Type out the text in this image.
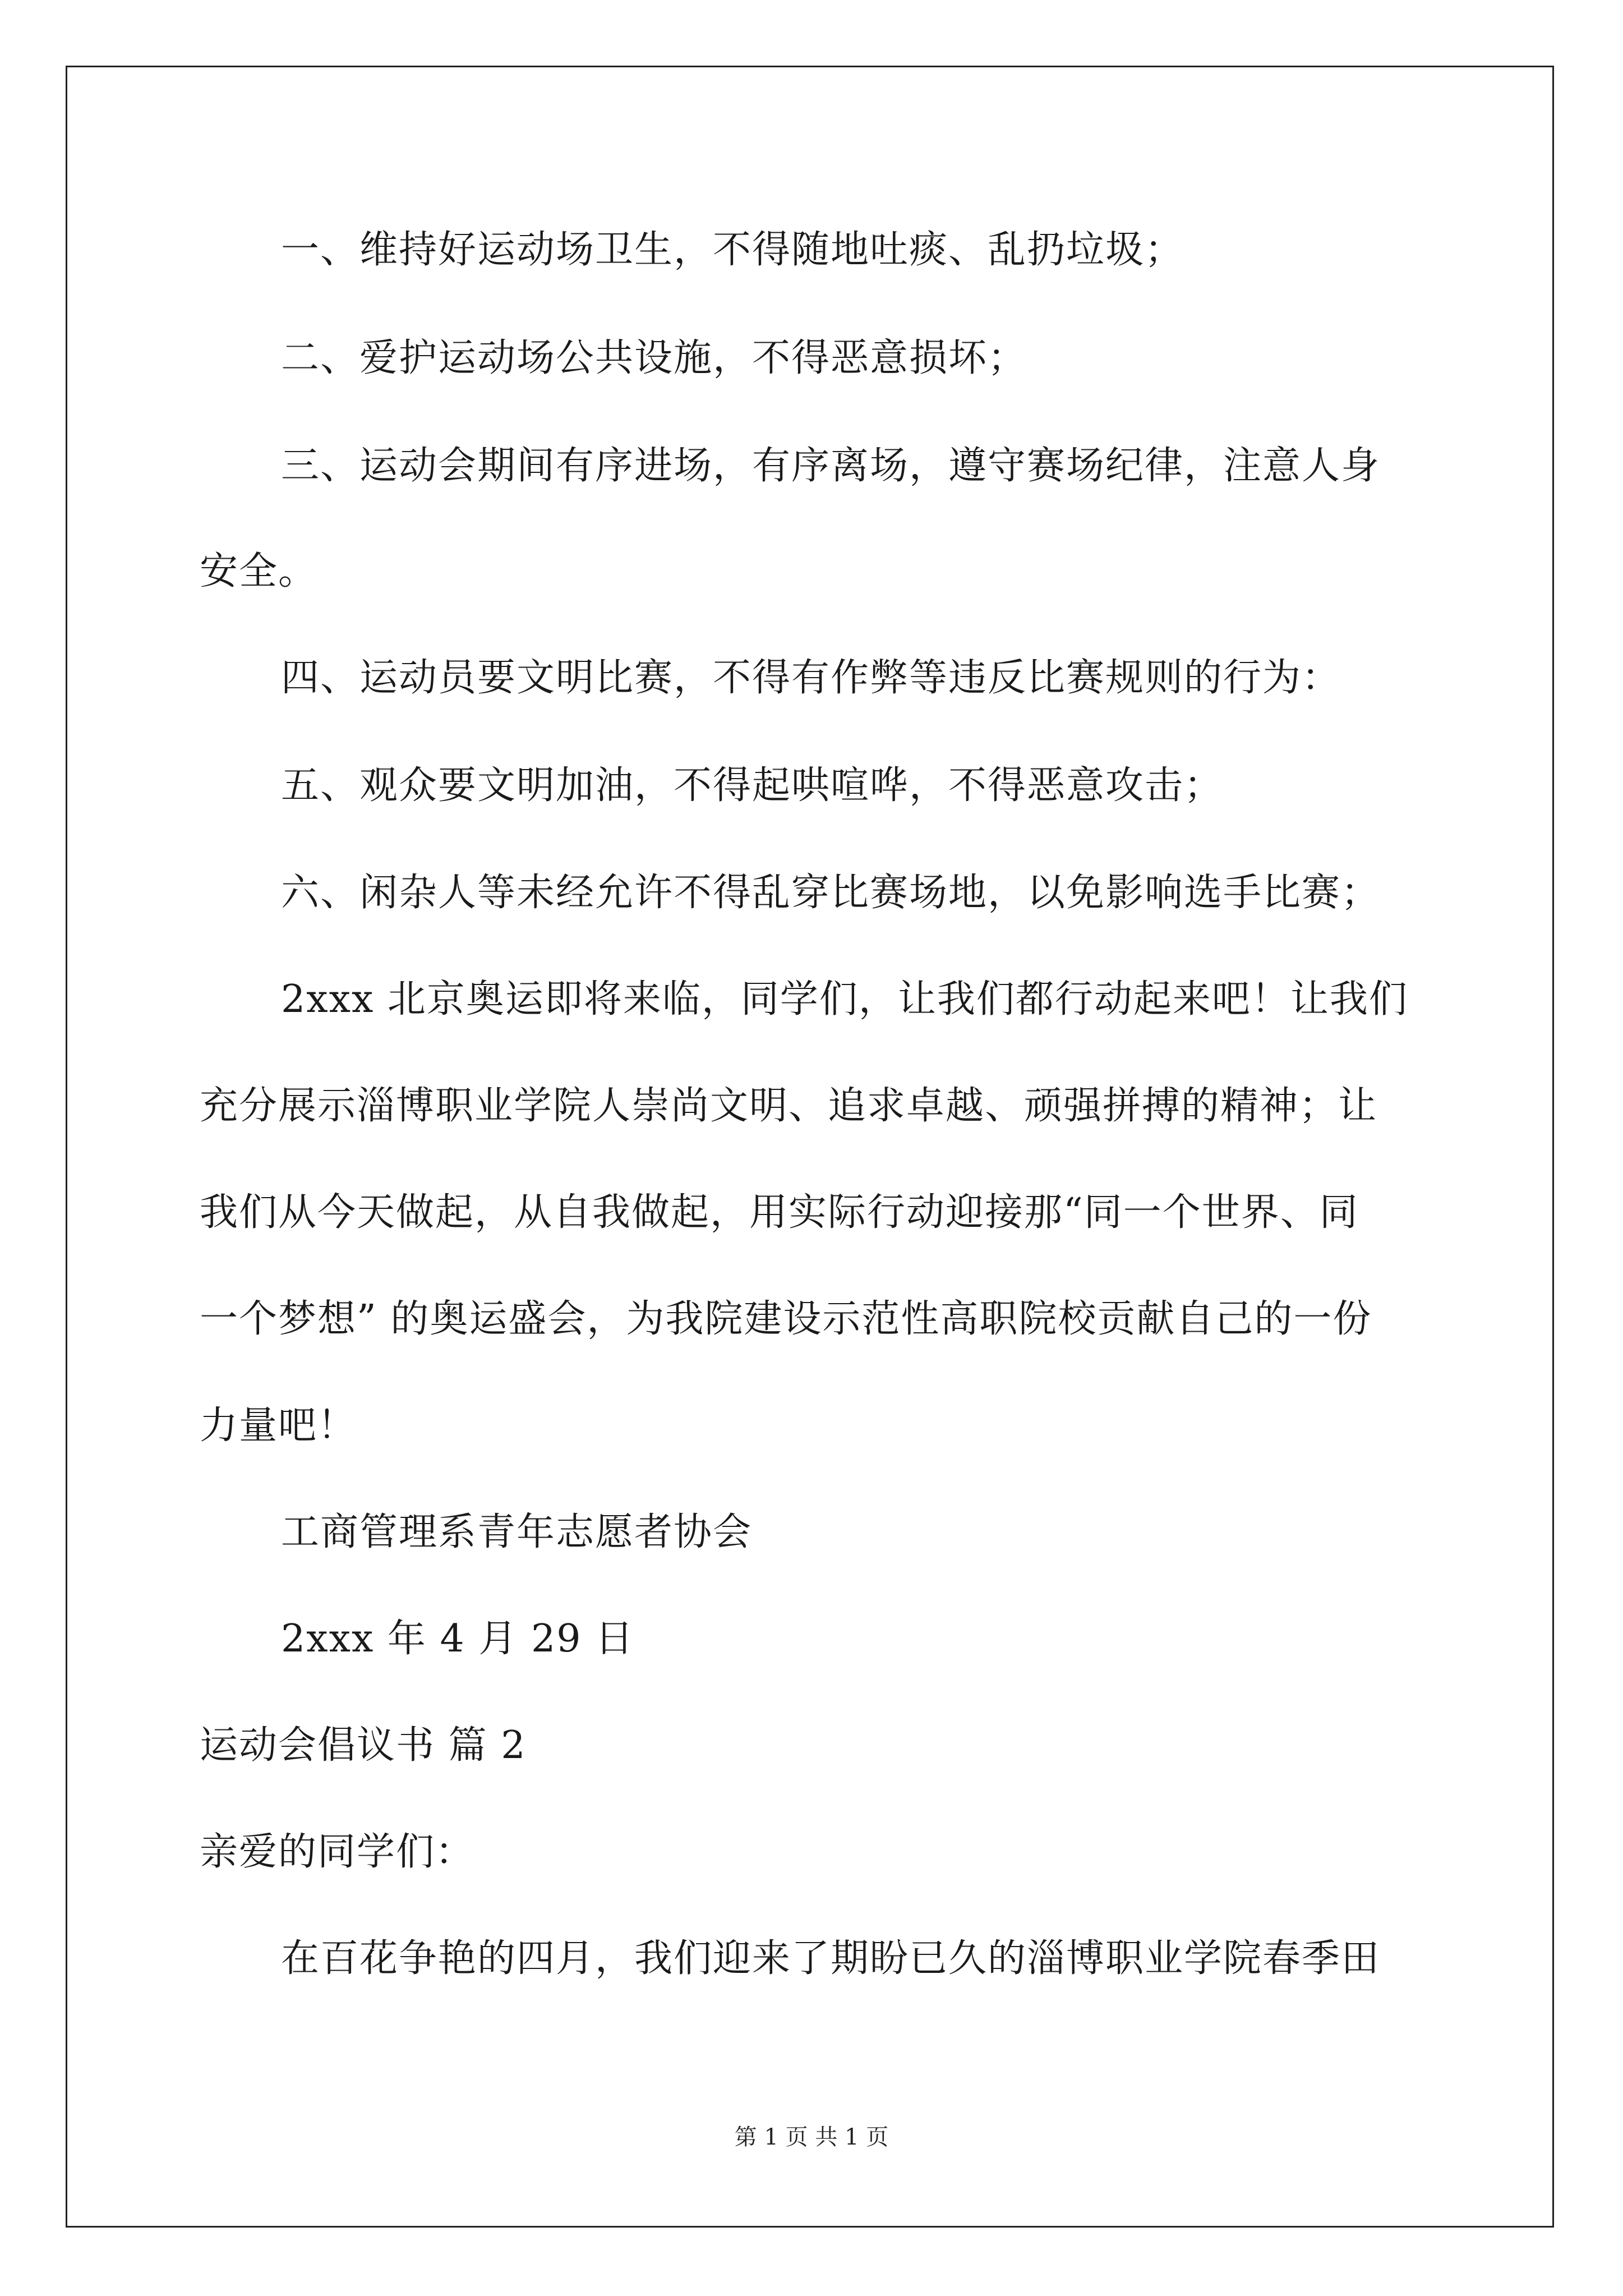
一、维持好运动场卫生，不得随地吐痰、乱扔垃圾；
二、爱护运动场公共设施，不得恶意损坏；
三、运动会期间有序进场，有序离场，遵守赛场纪律，注意人身
安全。
四、运动员要文明比赛，不得有作弊等违反比赛规则的行为：
五、观众要文明加油，不得起哄喧哗，不得恶意攻击；
六、闲杂人等未经允许不得乱穿比赛场地，以免影响选手比赛；
2xxx 北京奥运即将来临，同学们，让我们都行动起来吧！让我们
充分展示淄博职业学院人崇尚文明、追求卓越、顽强拼搏的精神；让
我们从今天做起，从自我做起，用实际行动迎接那“同一个世界、同
一个梦想” 的奥运盛会，为我院建设示范性高职院校贡献自己的一份
力量吧！
工商管理系青年志愿者协会
2xxx 年 4 月 29 日
运动会倡议书 篇 2
亲爱的同学们：
在百花争艳的四月，我们迎来了期盼已久的淄博职业学院春季田
第 1 页 共 1 页
